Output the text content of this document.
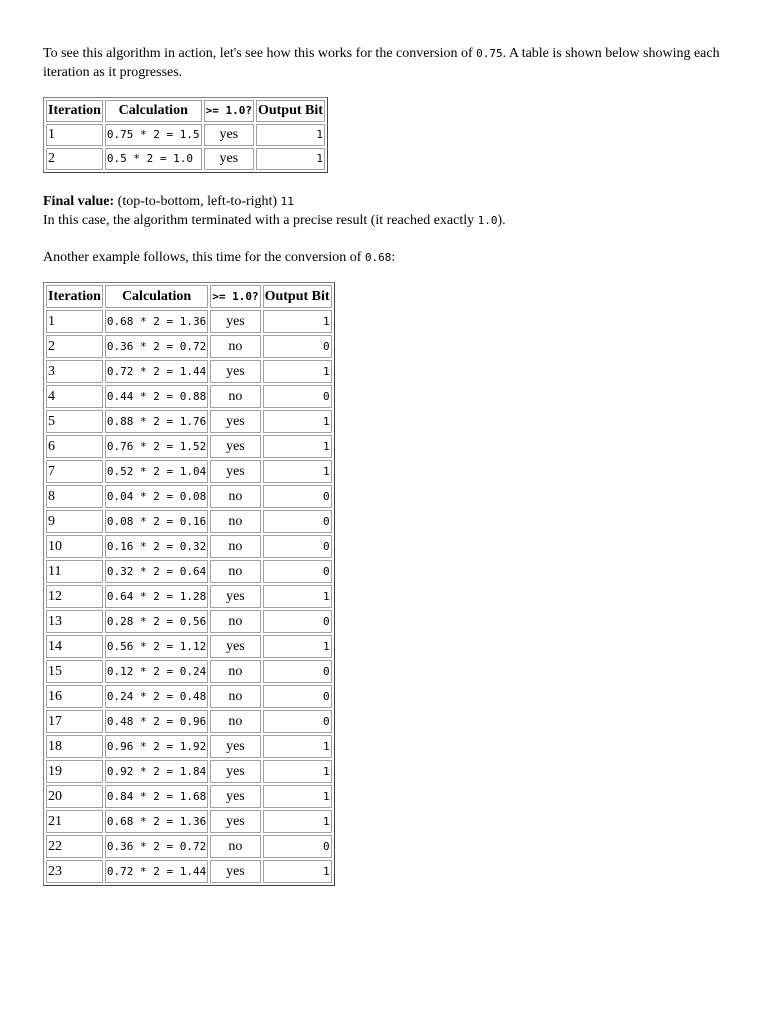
To see this algorithm in action, let's see how this works for the conversion of 0.75. A table is shown below showing each iteration as it progresses.

Iteration	Calculation	>= 1.0?	Output Bit
1	0.75 * 2 = 1.5	yes	1
2	0.5 * 2 = 1.0	yes	1

Final value: (top-to-bottom, left-to-right) 11

In this case, the algorithm terminated with a precise result (it reached exactly 1.0).

Another example follows, this time for the conversion of 0.68:

Iteration	Calculation	>= 1.0?	Output Bit
1	0.68 * 2 = 1.36	yes	1
2	0.36 * 2 = 0.72	no	0
3	0.72 * 2 = 1.44	yes	1
4	0.44 * 2 = 0.88	no	0
5	0.88 * 2 = 1.76	yes	1
6	0.76 * 2 = 1.52	yes	1
7	0.52 * 2 = 1.04	yes	1
8	0.04 * 2 = 0.08	no	0
9	0.08 * 2 = 0.16	no	0
10	0.16 * 2 = 0.32	no	0
11	0.32 * 2 = 0.64	no	0
12	0.64 * 2 = 1.28	yes	1
13	0.28 * 2 = 0.56	no	0
14	0.56 * 2 = 1.12	yes	1
15	0.12 * 2 = 0.24	no	0
16	0.24 * 2 = 0.48	no	0
17	0.48 * 2 = 0.96	no	0
18	0.96 * 2 = 1.92	yes	1
19	0.92 * 2 = 1.84	yes	1
20	0.84 * 2 = 1.68	yes	1
21	0.68 * 2 = 1.36	yes	1
22	0.36 * 2 = 0.72	no	0
23	0.72 * 2 = 1.44	yes	1
